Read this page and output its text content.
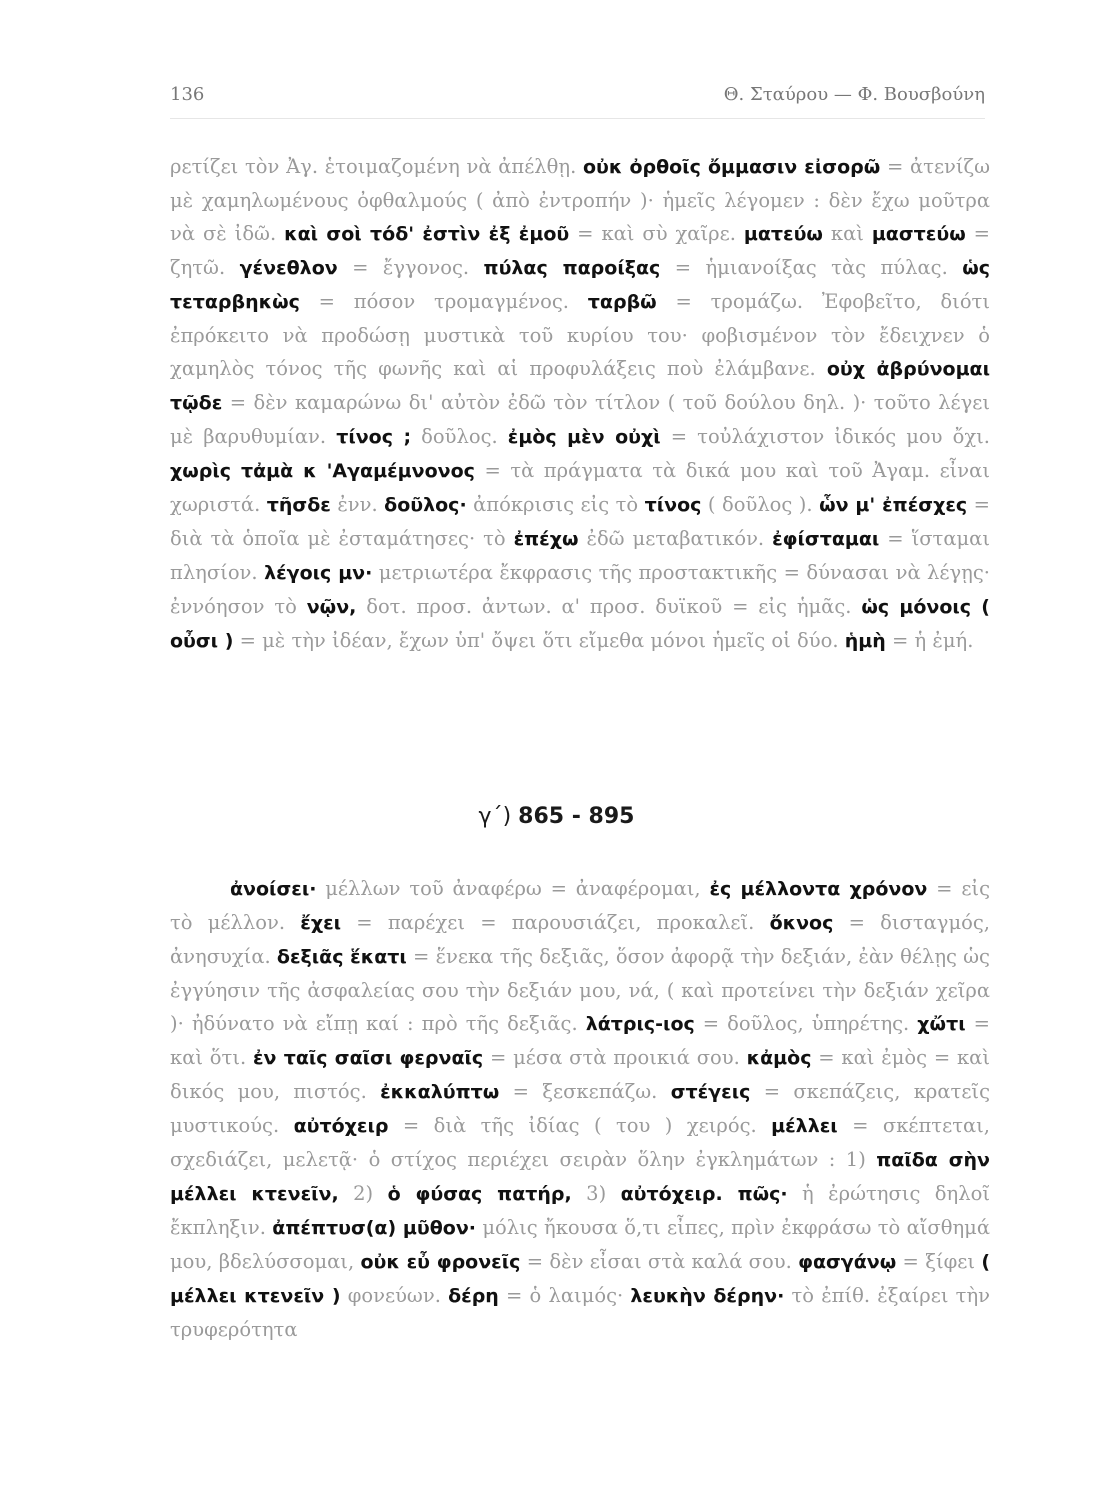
136	Θ. Σταύρου — Φ. Βουσβούνη
ρετίζει τὸν Ἀγ. ἑτοιμαζομένη νὰ ἀπέλθῃ. οὐκ ὀρθοῖς ὄμμασιν εἰσορῶ = ἀτενίζω μὲ χαμηλωμένους ὀφθαλμούς ( ἀπὸ ἐντροπήν )· ἡμεῖς λέγομεν : δὲν ἔχω μοῦτρα νὰ σὲ ἰδῶ. καὶ σοὶ τόδ' ἐστὶν ἐξ ἐμοῦ = καὶ σὺ χαῖρε. ματεύω καὶ μαστεύω = ζητῶ. γένεθλον = ἔγγονος. πύλας παροίξας = ἡμιανοίξας τὰς πύλας. ὡς τεταρβηκὼς = πόσον τρομαγμένος. ταρβῶ = τρομάζω. Ἐφοβεῖτο, διότι ἐπρόκειτο νὰ προδώσῃ μυστικὰ τοῦ κυρίου του· φοβισμένον τὸν ἔδειχνεν ὁ χαμηλὸς τόνος τῆς φωνῆς καὶ αἱ προφυλάξεις ποὺ ἐλάμβανε. οὐχ ἀβρύνομαι τῷδε = δὲν καμαρώνω δι' αὐτὸν ἐδῶ τὸν τίτλον ( τοῦ δούλου δηλ. )· τοῦτο λέγει μὲ βαρυθυμίαν. τίνος ; δοῦλος. ἐμὸς μὲν οὐχὶ = τοὐλάχιστον ἰδικός μου ὄχι. χωρὶς τἀμὰ κ 'Αγαμέμνονος = τὰ πράγματα τὰ δικά μου καὶ τοῦ Ἀγαμ. εἶναι χωριστά. τῆσδε ἐνν. δοῦλος· ἀπόκρισις εἰς τὸ τίνος ( δοῦλος ). ὧν μ' ἐπέσχες = διὰ τὰ ὁποῖα μὲ ἐσταμάτησες· τὸ ἐπέχω ἐδῶ μεταβατικόν. ἐφίσταμαι = ἵσταμαι πλησίον. λέγοις μν· μετριωτέρα ἔκφρασις τῆς προστακτικῆς = δύνασαι νὰ λέγῃς· ἐννόησον τὸ νῷν, δοτ. προσ. ἀντων. α' προσ. δυϊκοῦ = εἰς ἡμᾶς. ὡς μόνοις ( οὖσι ) = μὲ τὴν ἰδέαν, ἔχων ὑπ' ὄψει ὅτι εἴμεθα μόνοι ἡμεῖς οἱ δύο. ἡμὴ = ἡ ἐμή.
γ΄) 865 - 895
ἀνοίσει· μέλλων τοῦ ἀναφέρω = ἀναφέρομαι, ἐς μέλλοντα χρόνον = εἰς τὸ μέλλον. ἔχει = παρέχει = παρουσιάζει, προκαλεῖ. ὄκνος = δισταγμός, ἀνησυχία. δεξιᾶς ἕκατι = ἕνεκα τῆς δεξιᾶς, ὅσον ἀφορᾷ τὴν δεξιάν, ἐὰν θέλῃς ὡς ἐγγύησιν τῆς ἀσφαλείας σου τὴν δεξιάν μου, νά, ( καὶ προτείνει τὴν δεξιάν χεῖρα )· ἠδύνατο νὰ εἴπῃ καί : πρὸ τῆς δεξιᾶς. λάτρις-ιος = δοῦλος, ὑπηρέτης. χὤτι = καὶ ὅτι. ἐν ταῖς σαῖσι φερναῖς = μέσα στὰ προικιά σου. κἀμὸς = καὶ ἐμὸς = καὶ δικός μου, πιστός. ἐκκαλύπτω = ξεσκεπάζω. στέγεις = σκεπάζεις, κρατεῖς μυστικούς. αὐτόχειρ = διὰ τῆς ἰδίας ( του ) χειρός. μέλλει = σκέπτεται, σχεδιάζει, μελετᾷ· ὁ στίχος περιέχει σειρὰν ὅλην ἐγκλημάτων : 1) παῖδα σὴν μέλλει κτενεῖν, 2) ὁ φύσας πατήρ, 3) αὐτόχειρ. πῶς· ἡ ἐρώτησις δηλοῖ ἔκπληξιν. ἀπέπτυσ(α) μῦθον· μόλις ἤκουσα ὅ,τι εἶπες, πρὶν ἐκφράσω τὸ αἴσθημά μου, βδελύσσομαι, οὐκ εὖ φρονεῖς = δὲν εἶσαι στὰ καλά σου. φασγάνῳ = ξίφει ( μέλλει κτενεῖν ) φονεύων. δέρη = ὁ λαιμός· λευκὴν δέρην· τὸ ἐπίθ. ἐξαίρει τὴν τρυφερότητα
